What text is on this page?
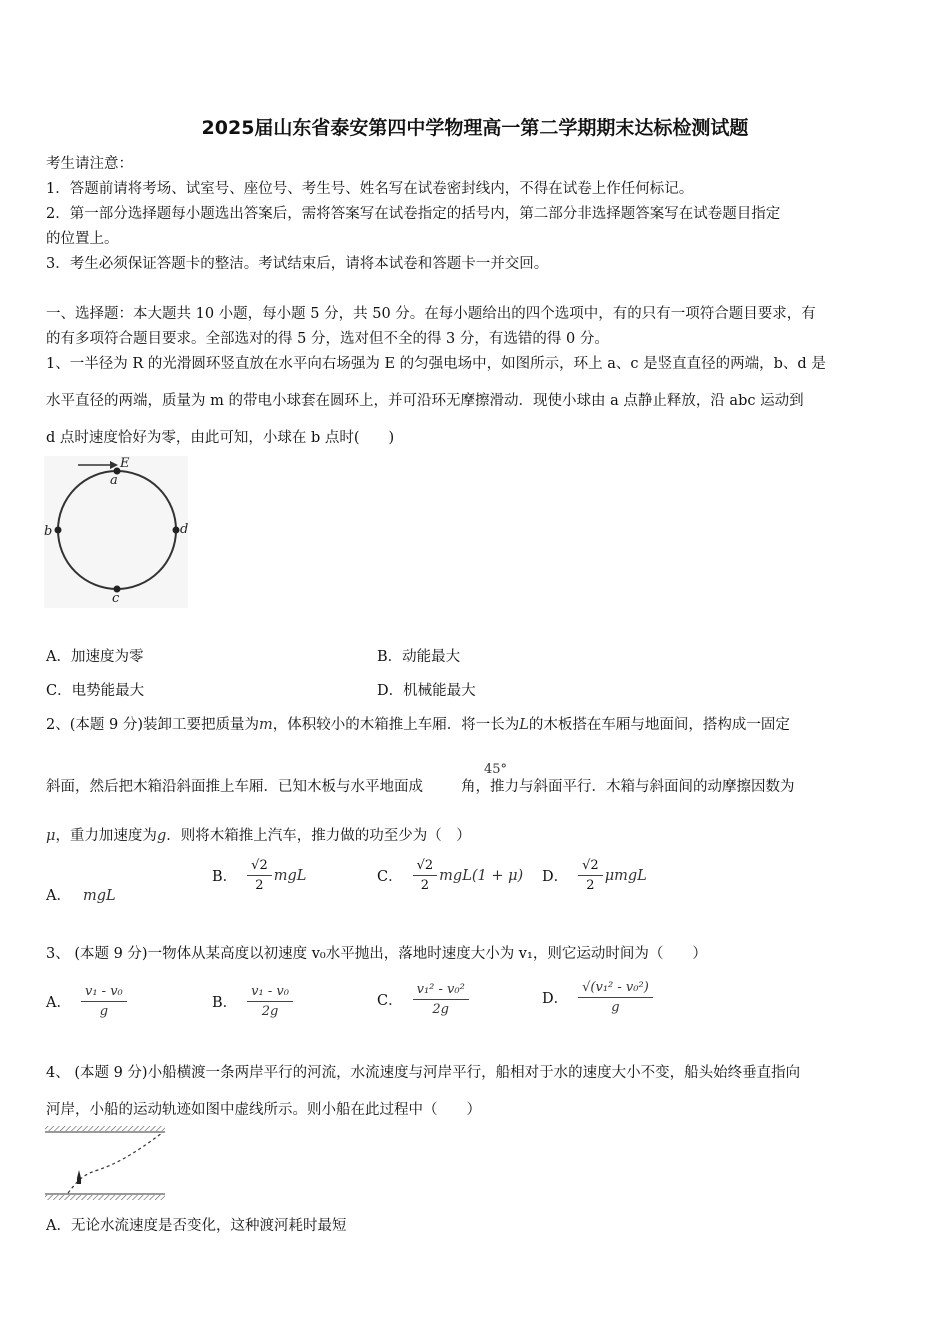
2025届山东省泰安第四中学物理高一第二学期期末达标检测试题
考生请注意：
1．答题前请将考场、试室号、座位号、考生号、姓名写在试卷密封线内，不得在试卷上作任何标记。
2．第一部分选择题每小题选出答案后，需将答案写在试卷指定的括号内，第二部分非选择题答案写在试卷题目指定
的位置上。
3．考生必须保证答题卡的整洁。考试结束后，请将本试卷和答题卡一并交回。
一、选择题：本大题共 10 小题，每小题 5 分，共 50 分。在每小题给出的四个选项中，有的只有一项符合题目要求，有
的有多项符合题目要求。全部选对的得 5 分，选对但不全的得 3 分，有选错的得 0 分。
1、一半径为 R 的光滑圆环竖直放在水平向右场强为 E 的匀强电场中，如图所示，环上 a、c 是竖直直径的两端，b、d 是
水平直径的两端，质量为 m 的带电小球套在圆环上，并可沿环无摩擦滑动．现使小球由 a 点静止释放，沿 abc 运动到
d 点时速度恰好为零，由此可知，小球在 b 点时(　　)
E
a
b
c
d
A．加速度为零	B．动能最大
C．电势能最大	D．机械能最大
2、(本题 9 分)装卸工要把质量为m，体积较小的木箱推上车厢．将一长为L的木板搭在车厢与地面间，搭构成一固定
45°
斜面，然后把木箱沿斜面推上车厢．已知木板与水平地面成	角，推力与斜面平行．木箱与斜面间的动摩擦因数为
μ，重力加速度为g．则将木箱推上汽车，推力做的功至少为（　）
A． mgL
B． $\frac{√2}{2}$ mgL	C． $\frac{√2}{2} mgL(1 + \mu)$ D． $\frac{√2}{2}$ μmgL
3、 (本题 9 分)一物体从某高度以初速度 v₀水平抛出，落地时速度大小为 v₁，则它运动时间为（　　）
A． $\frac{\text{v₁ - v₀}}{g}$	B． $\frac{\text{v₁ - v₀}}{2g}$	C． $\frac{\text{v₁² - v₀²}}{2g}$	D． $\frac{\text{√(v₁² - v₀²)}}{g}$
4、 (本题 9 分)小船横渡一条两岸平行的河流，水流速度与河岸平行，船相对于水的速度大小不变，船头始终垂直指向
河岸，小船的运动轨迹如图中虚线所示。则小船在此过程中（　　）
A．无论水流速度是否变化，这种渡河耗时最短
